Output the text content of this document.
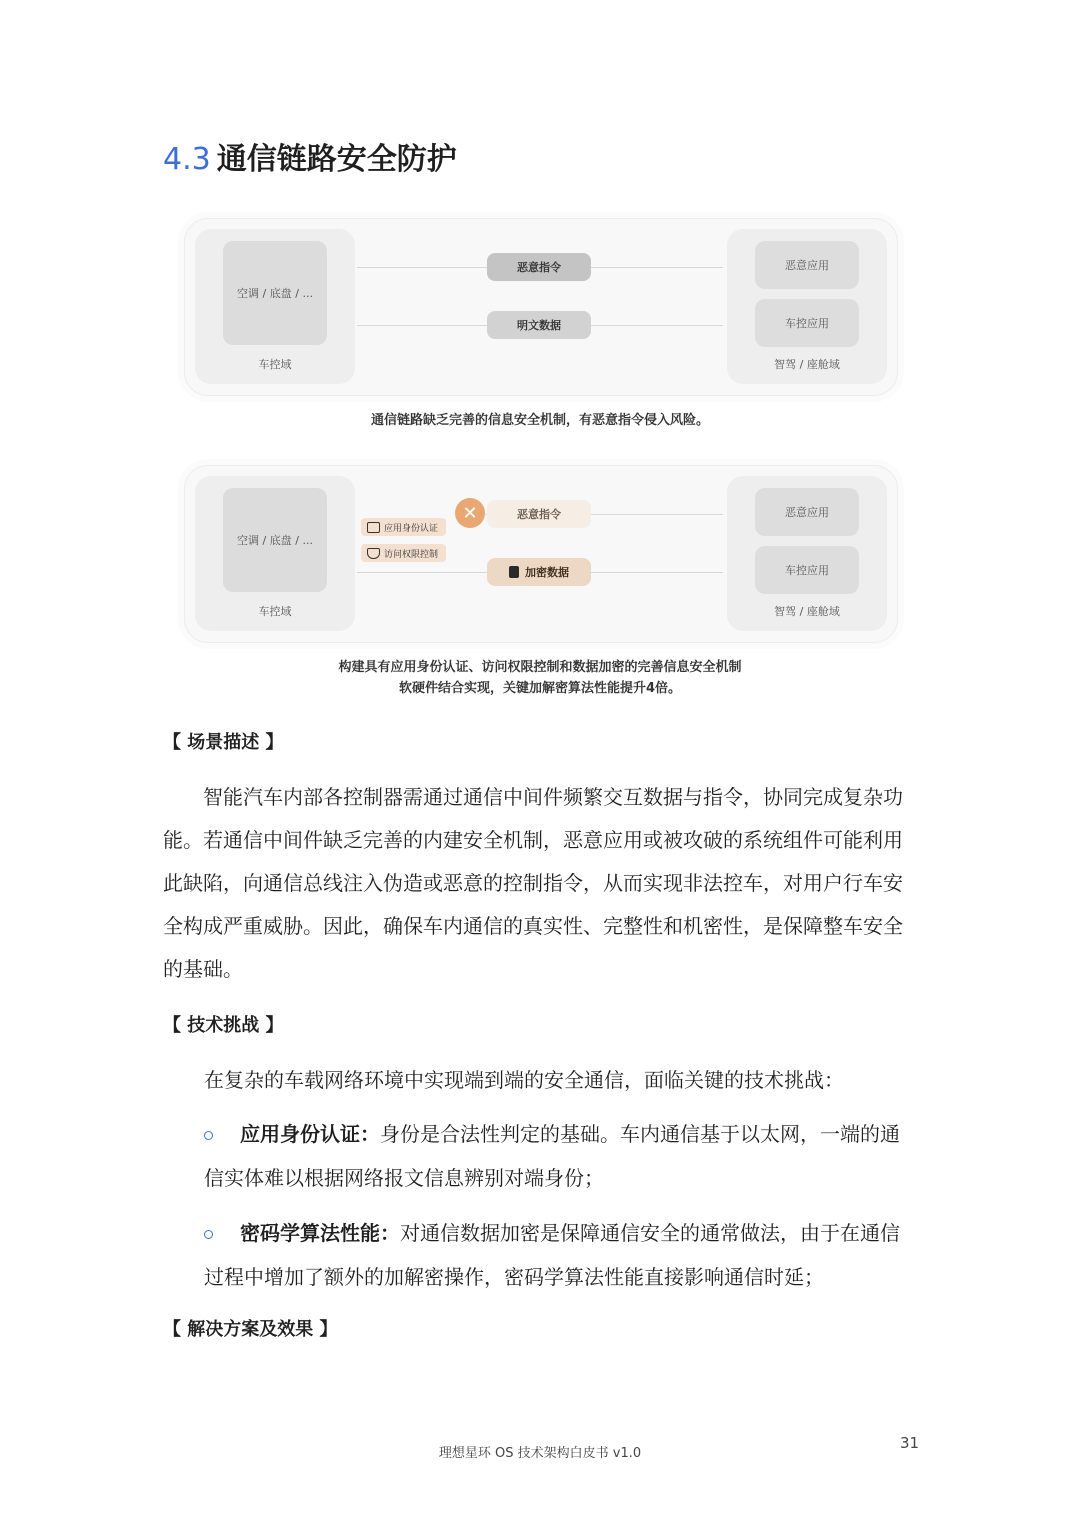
4.3 通信链路安全防护
空调 / 底盘 / ...
车控域
恶意指令
明文数据
恶意应用
车控应用
智驾 / 座舱域
通信链路缺乏完善的信息安全机制，有恶意指令侵入风险。
空调 / 底盘 / ...
车控域
应用身份认证
访问权限控制
✕	恶意指令
加密数据
恶意应用
车控应用
智驾 / 座舱域
构建具有应用身份认证、访问权限控制和数据加密的完善信息安全机制
软硬件结合实现，关键加解密算法性能提升4倍。
【 场景描述 】

智能汽车内部各控制器需通过通信中间件频繁交互数据与指令，协同完成复杂功
能。若通信中间件缺乏完善的内建安全机制，恶意应用或被攻破的系统组件可能利用
此缺陷，向通信总线注入伪造或恶意的控制指令，从而实现非法控车，对用户行车安
全构成严重威胁。因此，确保车内通信的真实性、完整性和机密性，是保障整车安全
的基础。

【 技术挑战 】
在复杂的车载网络环境中实现端到端的安全通信，面临关键的技术挑战：
应用身份认证：身份是合法性判定的基础。车内通信基于以太网，一端的通
信实体难以根据网络报文信息辨别对端身份；
密码学算法性能：对通信数据加密是保障通信安全的通常做法，由于在通信
过程中增加了额外的加解密操作，密码学算法性能直接影响通信时延；
【 解决方案及效果 】
理想星环 OS 技术架构白皮书 v1.0
31
